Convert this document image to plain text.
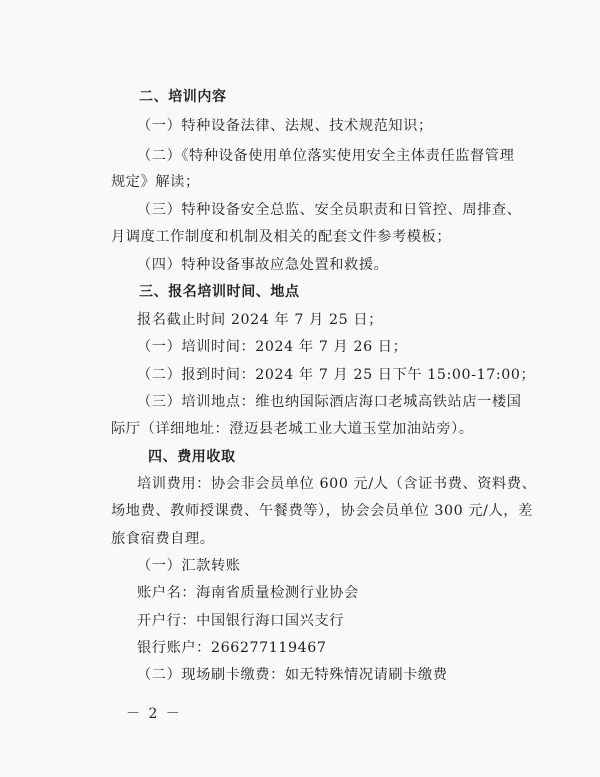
二、培训内容
（一）特种设备法律、法规、技术规范知识；
（二）《特种设备使用单位落实使用安全主体责任监督管理
规定》解读；
（三）特种设备安全总监、安全员职责和日管控、周排查、
月调度工作制度和机制及相关的配套文件参考模板；
（四）特种设备事故应急处置和救援。
三、报名培训时间、地点
报名截止时间 2024 年 7 月 25 日；
（一）培训时间：2024 年 7 月 26 日；
（二）报到时间：2024 年 7 月 25 日下午 15:00-17:00；
（三）培训地点：维也纳国际酒店海口老城高铁站店一楼国
际厅（详细地址：澄迈县老城工业大道玉堂加油站旁）。
四、费用收取
培训费用：协会非会员单位 600 元/人（含证书费、资料费、
场地费、教师授课费、午餐费等），协会会员单位 300 元/人，差
旅食宿费自理。
（一）汇款转账
账户名：海南省质量检测行业协会
开户行：中国银行海口国兴支行
银行账户：266277119467
（二）现场刷卡缴费：如无特殊情况请刷卡缴费
－ 2 －
